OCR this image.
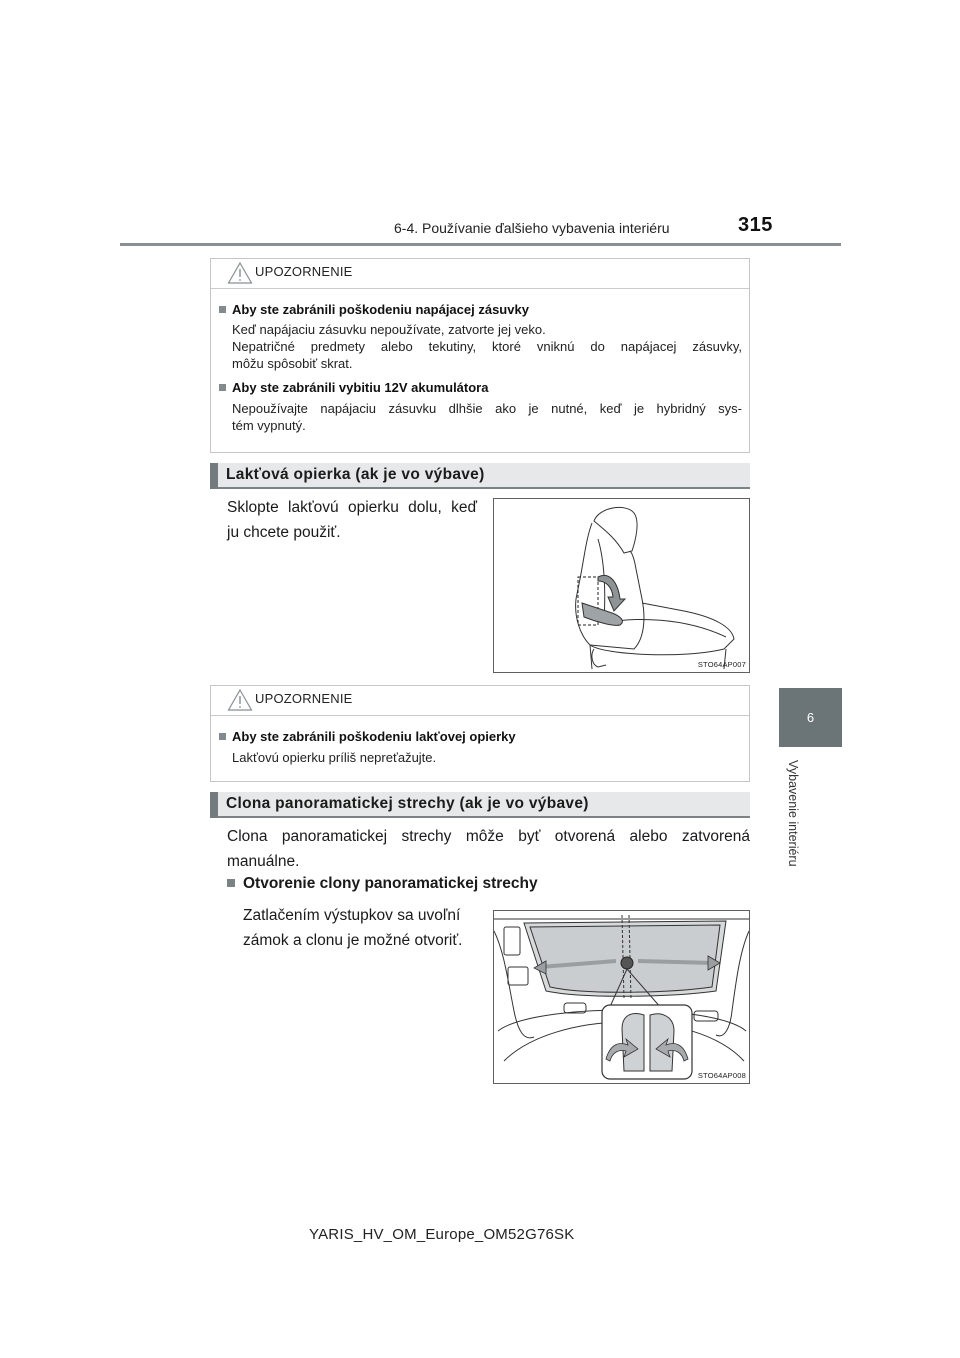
6-4. Používanie ďalšieho vybavenia interiéru	315
6
Vybavenie interiéru
UPOZORNENIE
Aby ste zabránili poškodeniu napájacej zásuvky
Keď napájaciu zásuvku nepoužívate, zatvorte jej veko.
Nepatričné predmety alebo tekutiny, ktoré vniknú do napájacej zásuvky,
môžu spôsobiť skrat.
Aby ste zabránili vybitiu 12V akumulátora
Nepoužívajte napájaciu zásuvku dlhšie ako je nutné, keď je hybridný sys-
tém vypnutý.
Lakťová opierka (ak je vo výbave)
Sklopte lakťovú opierku dolu, keď
ju chcete použiť.
STO64AP007
UPOZORNENIE
Aby ste zabránili poškodeniu lakťovej opierky
Lakťovú opierku príliš nepreťažujte.
Clona panoramatickej strechy (ak je vo výbave)
Clona panoramatickej strechy môže byť otvorená alebo zatvorená
manuálne.
Otvorenie clony panoramatickej strechy
Zatlačením výstupkov sa uvoľní
zámok a clonu je možné otvoriť.
STO64AP008
YARIS_HV_OM_Europe_OM52G76SK
